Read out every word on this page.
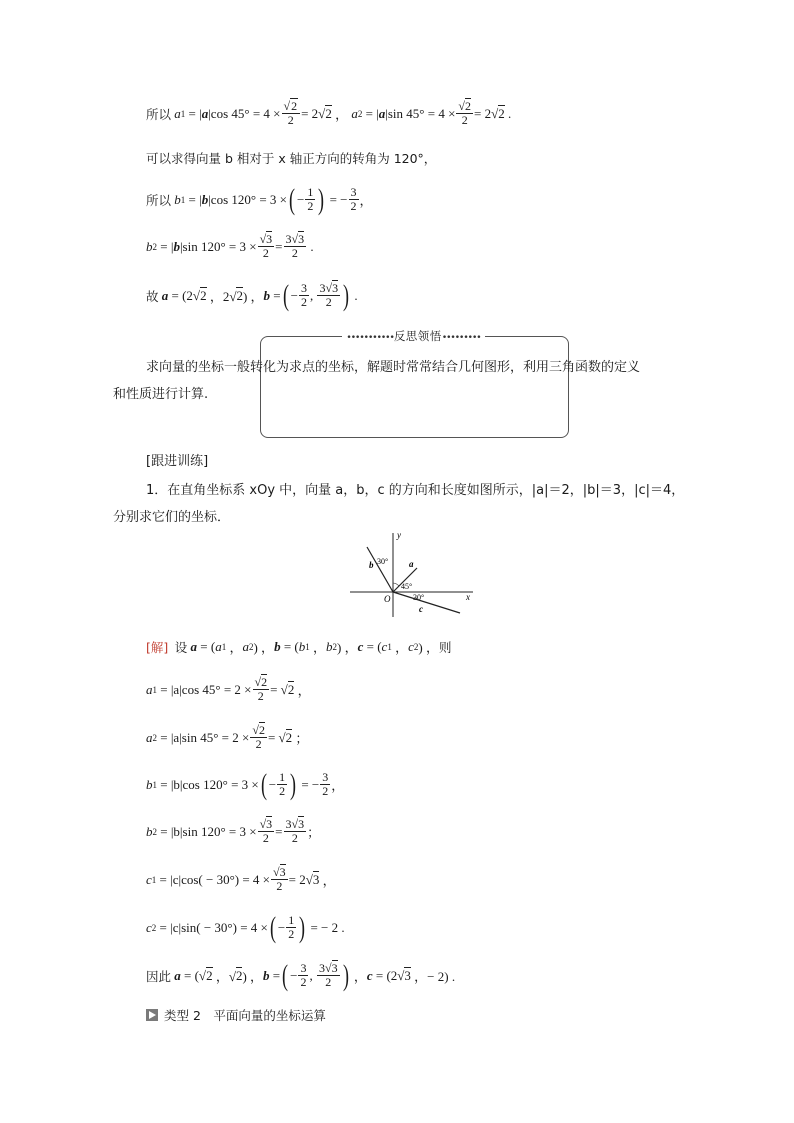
所以
a 1 = | a |cos $45^\circ = 4 \times \frac{√2}{2} = 2√$ 2 ， a 2 = | a |sin $45^\circ = 4 \times \frac{√2}{2} = 2√$ 2 .
可以求得向量 b 相对于 x 轴正方向的转角为 120°，
所以
b 1 = | b |cos 120° = 3 × ( − $\frac{1}{2}$ ) = − $\frac{3}{2}$ ，
b 2 = | b |sin $120^\circ = 3 \times \frac{√3}{2} = \frac{3√3}{2}$ .
故
a = (2√ 2 ，2√ 2 ) ， b = ( − $\frac{3}{2}$ , $\frac{3√3}{2}$ ) .
•••••••••••反思领悟•••••••••
求向量的坐标一般转化为求点的坐标，解题时常常结合几何图形，利用三角函数的定义
和性质进行计算.
[跟进训练]
1．在直角坐标系 xOy 中，向量 a，b，c 的方向和长度如图所示，|a|＝2，|b|＝3，|c|＝4，
分别求它们的坐标．
y
x
O
a
b
c
30°
45°
30°
[解]
设
a = ( a 1 ， a 2 ) ， b = ( b 1 ， b 2 ) ， c = ( c 1 ， c 2 ) ， 则
a 1
= |a|cos $45^\circ = 2 \times \frac{√2}{2}$ = √ 2 ，
a 2
= |a|sin $45^\circ = 2 \times \frac{√2}{2}$ = √ 2 ；
b 1
= |b|cos 120° = 3 × ( − $\frac{1}{2}$ ) = − $\frac{3}{2}$ ，
b 2
= |b|sin $120^\circ = 3 \times \frac{√3}{2} = \frac{3√3}{2}$ ；
c 1
= $|c|\cos( - 30^\circ) = 4 \times \frac{√3}{2} = 2√$ 3 ，
c 2
= |c|sin( − 30°) = 4 × ( − $\frac{1}{2}$ ) = − 2 .
因此
a = (√ 2 ，√ 2 ) ， b = ( − $\frac{3}{2}$ , $\frac{3√3}{2}$ ) ， c = (2√ 3 ，− 2) .
类型 2　平面向量的坐标运算
